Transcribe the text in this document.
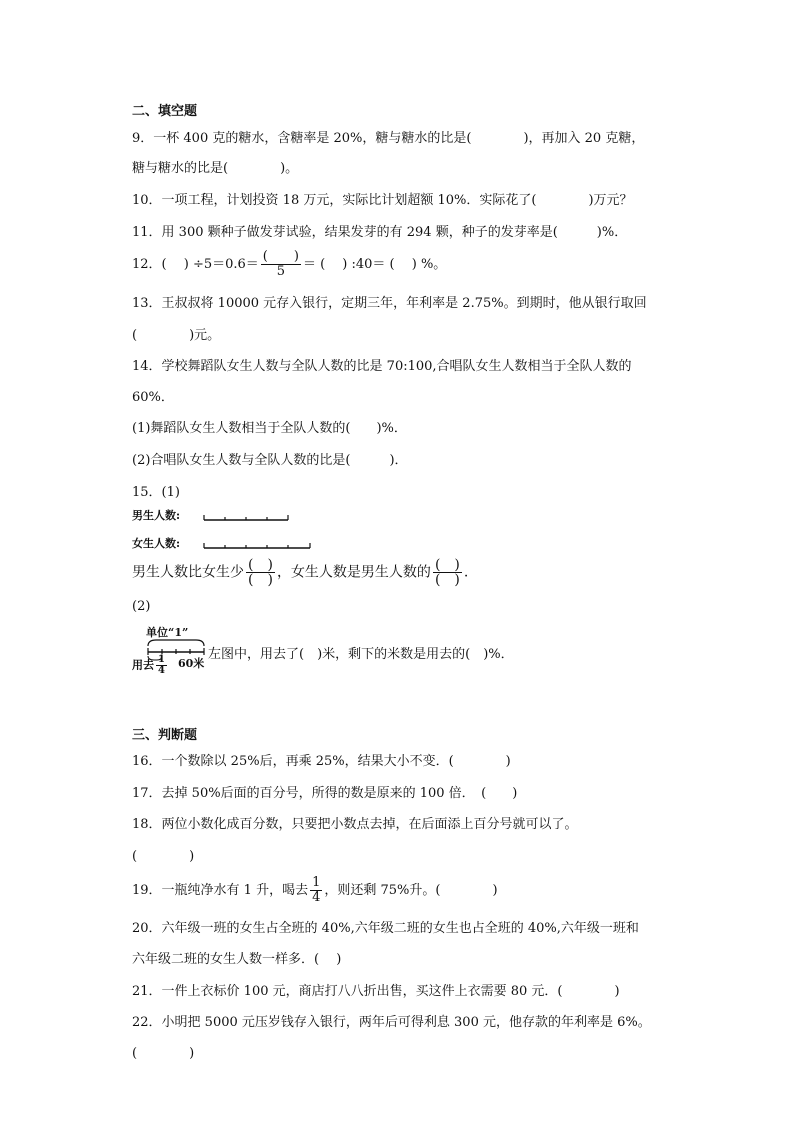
二、填空题
9．一杯 400 克的糖水，含糖率是 20%，糖与糖水的比是(　　　　)，再加入 20 克糖，
糖与糖水的比是(　　　　)。
10．一项工程，计划投资 18 万元，实际比计划超额 10%．实际花了(　　　　)万元？
11．用 300 颗种子做发芽试验，结果发芽的有 294 颗，种子的发芽率是(　　　)%．
12．(　 ) $\div 5=0.6= \frac{( )}{5}$ ＝ (　 ) :40＝ (　 ) %。
13．王叔叔将 10000 元存入银行，定期三年，年利率是 2.75%。到期时，他从银行取回
(　　　　)元。
14．学校舞蹈队女生人数与全队人数的比是 70:100,合唱队女生人数相当于全队人数的
60%．
(1)舞蹈队女生人数相当于全队人数的(　　)%．
(2)合唱队女生人数与全队人数的比是(　　　)．
15．(1)
男生人数:
女生人数:
男生人数比女生少 $\frac{( )}{( )}$ ，女生人数是男生人数的 $\frac{( )}{( )}$ .
(2)
单位“1”
用去 $\frac{1}{4} 60$米
左图中，用去了(　)米，剩下的米数是用去的(　)%．
三、判断题
16．一个数除以 25%后，再乘 25%，结果大小不变．(　　　　)
17．去掉 50%后面的百分号，所得的数是原来的 100 倍．　(　　)
18．两位小数化成百分数，只要把小数点去掉，在后面添上百分号就可以了。
(　　　　)
19．一瓶纯净水有 1 升，喝去 $\frac{1}{4}$ ，则还剩 75%升。(　　　　)
20．六年级一班的女生占全班的 40%,六年级二班的女生也占全班的 40%,六年级一班和
六年级二班的女生人数一样多．(　 )
21．一件上衣标价 100 元，商店打八八折出售，买这件上衣需要 80 元．(　　　　)
22．小明把 5000 元压岁钱存入银行，两年后可得利息 300 元，他存款的年利率是 6%。
(　　　　)
